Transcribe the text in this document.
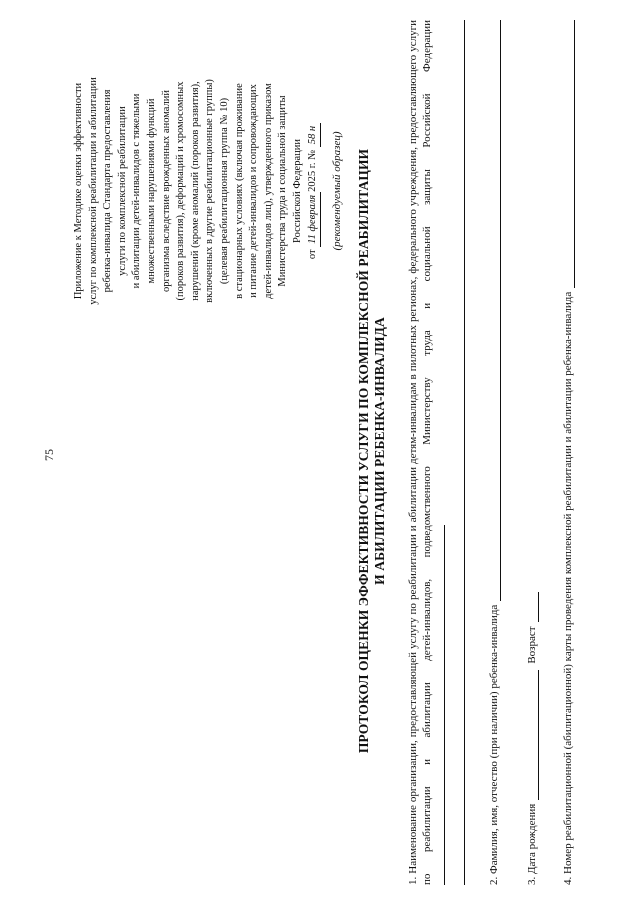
75
Приложение к Методике оценки эффективности услуг по комплексной реабилитации и абилитации ребенка-инвалида Стандарта предоставления услуги по комплексной реабилитации и абилитации детей-инвалидов с тяжелыми множественными нарушениями функций организма вследствие врожденных аномалий (пороков развития), деформаций и хромосомных нарушений (кроме аномалий (пороков развития), включенных в другие реабилитационные группы) (целевая реабилитационная группа № 10) в стационарных условиях (включая проживание и питание детей-инвалидов и сопровождающих детей-инвалидов лиц), утвержденного приказом Министерства труда и социальной защиты Российской Федерации
от 11 февраля2025 г. № 58 н	(рекомендуемый образец) ПРОТОКОЛ ОЦЕНКИ ЭФФЕКТИВНОСТИ УСЛУГИ ПО КОМПЛЕКСНОЙ РЕАБИЛИТАЦИИ И АБИЛИТАЦИИ РЕБЕНКА-ИНВАЛИДА 1. Наименование организации, предоставляющей услугу по реабилитации и абилитации детям-инвалидам в пилотных регионах, федерального учреждения, предоставляющего услуги по реабилитации и абилитации детей-инвалидов, подведомственного Министерству труда и социальной защиты Российской Федерации	2. Фамилия, имя, отчество (при наличии) ребенка-инвалида 3. Дата рождения
Возраст 4. Номер реабилитационной (абилитационной) карты проведения комплексной реабилитации и абилитации ребенка-инвалида
